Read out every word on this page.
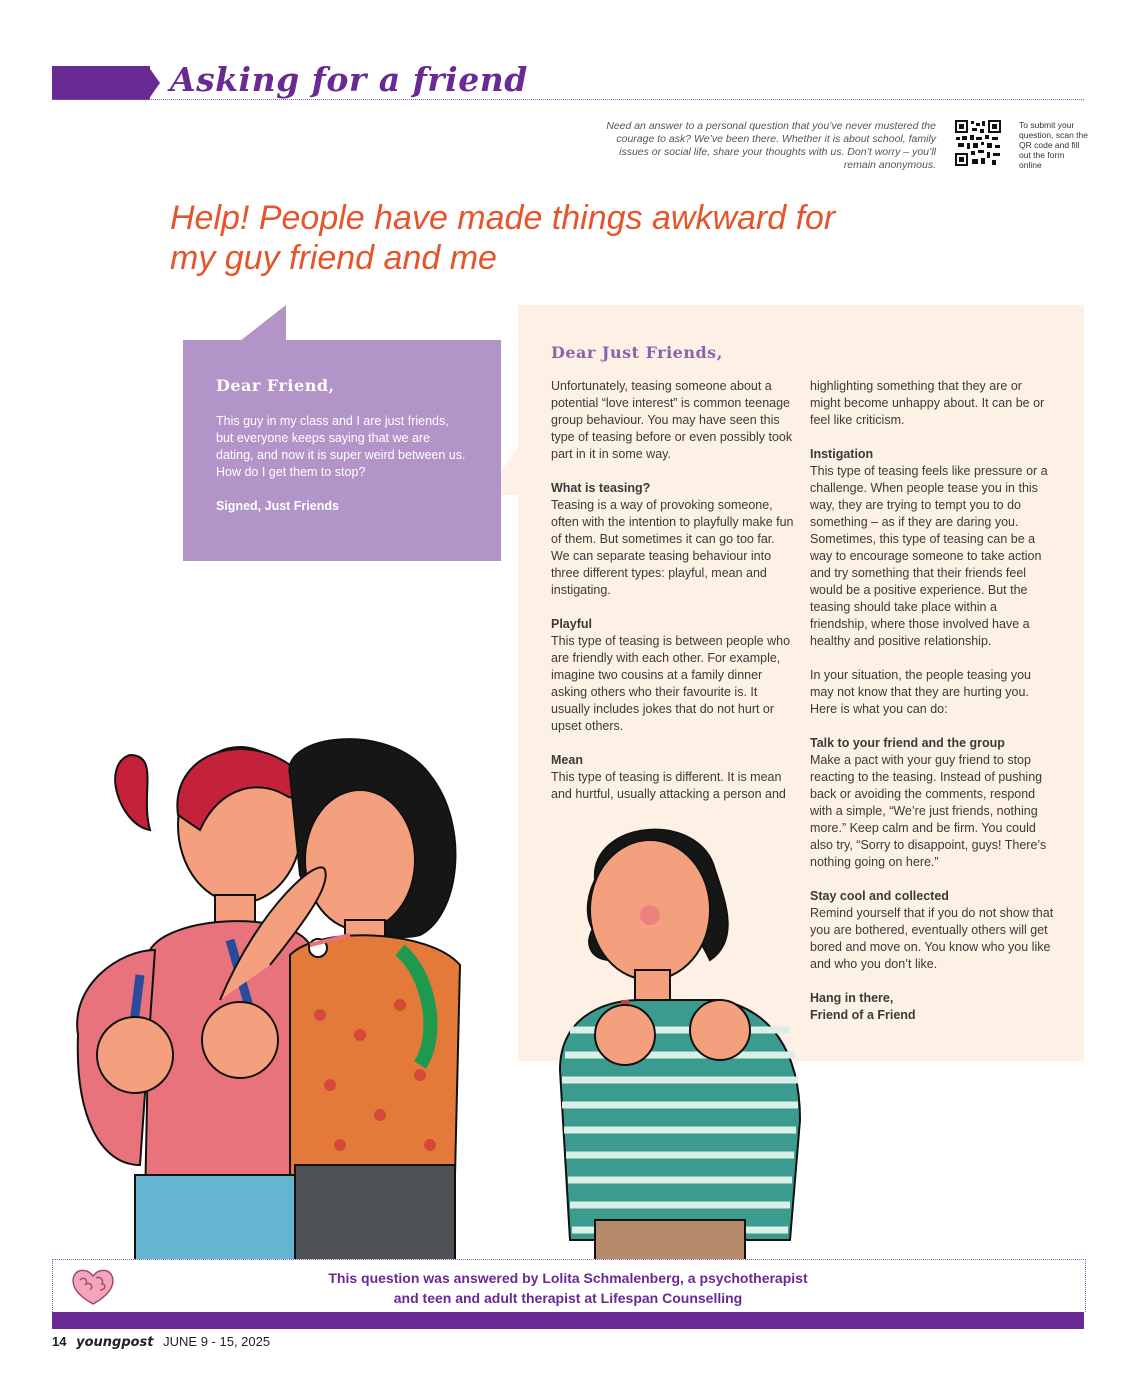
Asking for a friend
Need an answer to a personal question that you’ve never mustered the courage to ask? We’ve been there. Whether it is about school, family issues or social life, share your thoughts with us. Don’t worry – you’ll remain anonymous.
To submit your question, scan the QR code and fill out the form online
Help! People have made things awkward for my guy friend and me
Dear Friend,
This guy in my class and I are just friends, but everyone keeps saying that we are dating, and now it is super weird between us. How do I get them to stop?
Signed, Just Friends
Dear Just Friends,

Unfortunately, teasing someone about a potential “love interest” is common teenage group behaviour. You may have seen this type of teasing before or even possibly took part in it in some way.

What is teasing?
Teasing is a way of provoking someone, often with the intention to playfully make fun of them. But sometimes it can go too far. We can separate teasing behaviour into three different types: playful, mean and instigating.

Playful
This type of teasing is between people who are friendly with each other. For example, imagine two cousins at a family dinner asking others who their favourite is. It usually includes jokes that do not hurt or upset others.

Mean
This type of teasing is different. It is mean and hurtful, usually attacking a person and

highlighting something that they are or might become unhappy about. It can be or feel like criticism.

Instigation
This type of teasing feels like pressure or a challenge. When people tease you in this way, they are trying to tempt you to do something – as if they are daring you. Sometimes, this type of teasing can be a way to encourage someone to take action and try something that their friends feel would be a positive experience. But the teasing should take place within a friendship, where those involved have a healthy and positive relationship.

In your situation, the people teasing you may not know that they are hurting you. Here is what you can do:

Talk to your friend and the group
Make a pact with your guy friend to stop reacting to the teasing. Instead of pushing back or avoiding the comments, respond with a simple, “We’re just friends, nothing more.” Keep calm and be firm. You could also try, “Sorry to disappoint, guys! There’s nothing going on here.”

Stay cool and collected
Remind yourself that if you do not show that you are bothered, eventually others will get bored and move on. You know who you like and who you don’t like.

Hang in there,
Friend of a Friend

This question was answered by Lolita Schmalenberg, a psychotherapist
and teen and adult therapist at Lifespan Counselling
14 youngpost JUNE 9 - 15, 2025
